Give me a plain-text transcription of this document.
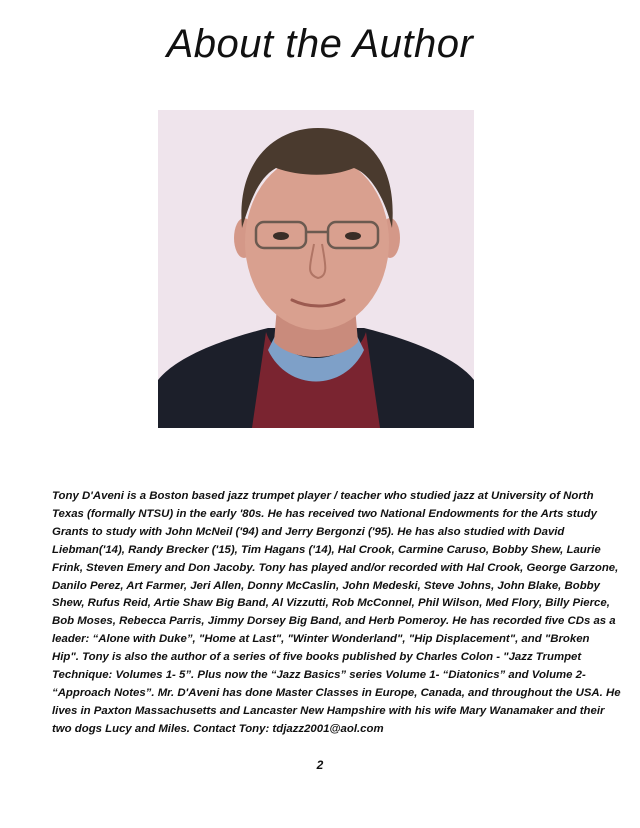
About the Author
Tony D'Aveni is a Boston based jazz trumpet player / teacher who studied jazz at University of North
Texas (formally NTSU) in the early '80s. He has received two National Endowments for the Arts study
Grants to study with John McNeil ('94) and Jerry Bergonzi ('95). He has also studied with David
Liebman('14), Randy Brecker ('15), Tim Hagans ('14), Hal Crook, Carmine Caruso, Bobby Shew, Laurie
Frink, Steven Emery and Don Jacoby. Tony has played and/or recorded with Hal Crook, George Garzone,
Danilo Perez, Art Farmer, Jeri Allen, Donny McCaslin, John Medeski, Steve Johns, John Blake, Bobby
Shew, Rufus Reid, Artie Shaw Big Band, Al Vizzutti, Rob McConnel, Phil Wilson, Med Flory, Billy Pierce,
Bob Moses, Rebecca Parris, Jimmy Dorsey Big Band, and Herb Pomeroy. He has recorded five CDs as a
leader: “Alone with Duke”, "Home at Last", "Winter Wonderland", "Hip Displacement", and "Broken
Hip". Tony is also the author of a series of five books published by Charles Colon - "Jazz Trumpet
Technique: Volumes 1- 5”. Plus now the “Jazz Basics” series Volume 1- “Diatonics” and Volume 2-
“Approach Notes”. Mr. D'Aveni has done Master Classes in Europe, Canada, and throughout the USA. He
lives in Paxton Massachusetts and Lancaster New Hampshire with his wife Mary Wanamaker and their
two dogs Lucy and Miles. Contact Tony: tdjazz2001@aol.com
2
